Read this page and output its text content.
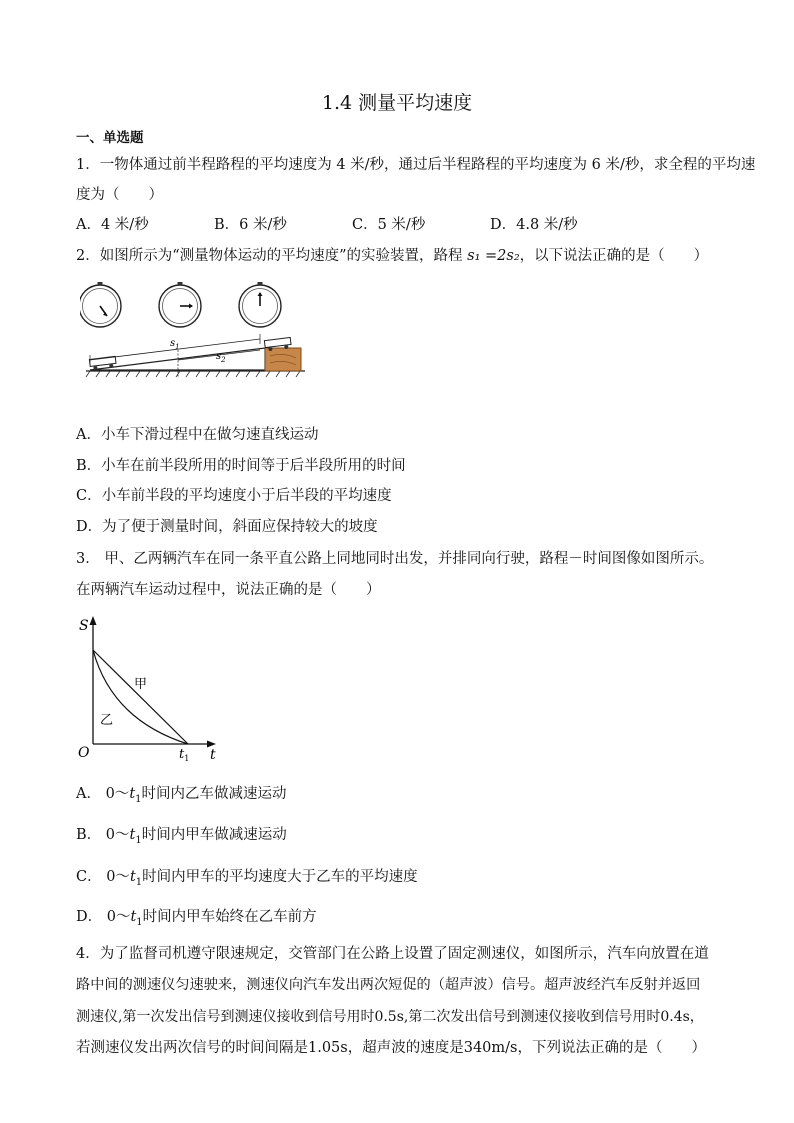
1.4 测量平均速度
一、单选题
1．一物体通过前半程路程的平均速度为 4 米/秒，通过后半程路程的平均速度为 6 米/秒，求全程的平均速
度为（　　）
A．4 米/秒	B．6 米/秒	C．5 米/秒	D．4.8 米/秒
2．如图所示为“测量物体运动的平均速度”的实验装置，路程 s₁ =2s₂，以下说法正确的是（　　）
$s_1$
$s_2$
A．小车下滑过程中在做匀速直线运动
B．小车在前半段所用的时间等于后半段所用的时间
C．小车前半段的平均速度小于后半段的平均速度
D．为了便于测量时间，斜面应保持较大的坡度
3． 甲、乙两辆汽车在同一条平直公路上同地同时出发，并排同向行驶，路程－时间图像如图所示。
在两辆汽车运动过程中，说法正确的是（　　）
S
t
O	$t_1$
甲
乙
A． $0\sim t_1$时间内乙车做减速运动
B． $0\sim t_1$时间内甲车做减速运动
C． $0\sim t_1$时间内甲车的平均速度大于乙车的平均速度
D． $0\sim t_1$时间内甲车始终在乙车前方
4．为了监督司机遵守限速规定，交管部门在公路上设置了固定测速仪，如图所示，汽车向放置在道
路中间的测速仪匀速驶来，测速仪向汽车发出两次短促的（超声波）信号。超声波经汽车反射并返回
测速仪,第一次发出信号到测速仪接收到信号用时0.5s,第二次发出信号到测速仪接收到信号用时0.4s，
若测速仪发出两次信号的时间间隔是1.05s，超声波的速度是340m/s，下列说法正确的是（　　）
